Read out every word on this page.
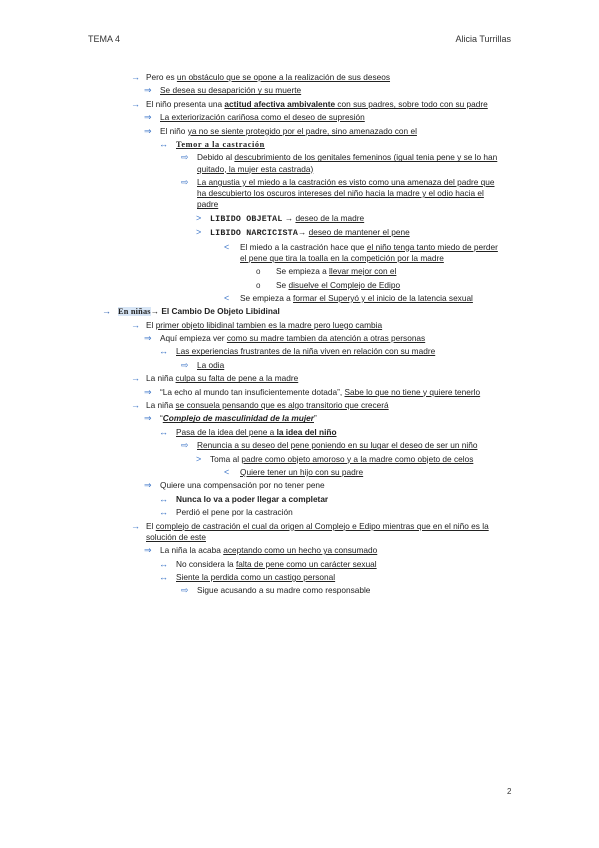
TEMA 4	Alicia Turrillas
→ Pero es un obstáculo que se opone a la realización de sus deseos
⇒ Se desea su desaparición y su muerte
→ El niño presenta una actitud afectiva ambivalente con sus padres, sobre todo con su padre
⇒ La exteriorización cariñosa como el deseo de supresión
⇒ El niño ya no se siente protegido por el padre, sino amenazado con el
↔ Temor a la castración
⇨ Debido al descubrimiento de los genitales femeninos (igual tenia pene y se lo han quitado, la mujer esta castrada)
⇨ La angustia y el miedo a la castración es visto como una amenaza del padre que ha descubierto los oscuros intereses del niño hacia la madre y el odio hacia el padre
> LIBIDO OBJETAL → deseo de la madre
> LIBIDO NARCICISTA→ deseo de mantener el pene
< El miedo a la castración hace que el niño tenga tanto miedo de perder el pene que tira la toalla en la competición por la madre
o Se empieza a llevar mejor con el
o Se disuelve el Complejo de Edipo
< Se empieza a formar el Superyó y el inicio de la latencia sexual
→ En niñas→ El Cambio De Objeto Libidinal
→ El primer objeto libidinal tambien es la madre pero luego cambia
⇒ Aquí empieza ver como su madre tambien da atención a otras personas
↔ Las experiencias frustrantes de la niña viven en relación con su madre
⇨ La odia
→ La niña culpa su falta de pene a la madre
⇒ “La echo al mundo tan insuficientemente dotada”, Sabe lo que no tiene y quiere tenerlo
→ La niña se consuela pensando que es algo transitorio que crecerá
⇒ “Complejo de masculinidad de la mujer”
↔ Pasa de la idea del pene a la idea del niño
⇨ Renuncia a su deseo del pene poniendo en su lugar el deseo de ser un niño
> Toma al padre como objeto amoroso y a la madre como objeto de celos
< Quiere tener un hijo con su padre
⇒ Quiere una compensación por no tener pene
↔ Nunca lo va a poder llegar a completar
↔ Perdió el pene por la castración
→ El complejo de castración el cual da origen al Complejo e Edipo mientras que en el niño es la solución de este
⇒ La niña la acaba aceptando como un hecho ya consumado
↔ No considera la falta de pene como un carácter sexual
↔ Siente la perdida como un castigo personal
⇨ Sigue acusando a su madre como responsable
2
